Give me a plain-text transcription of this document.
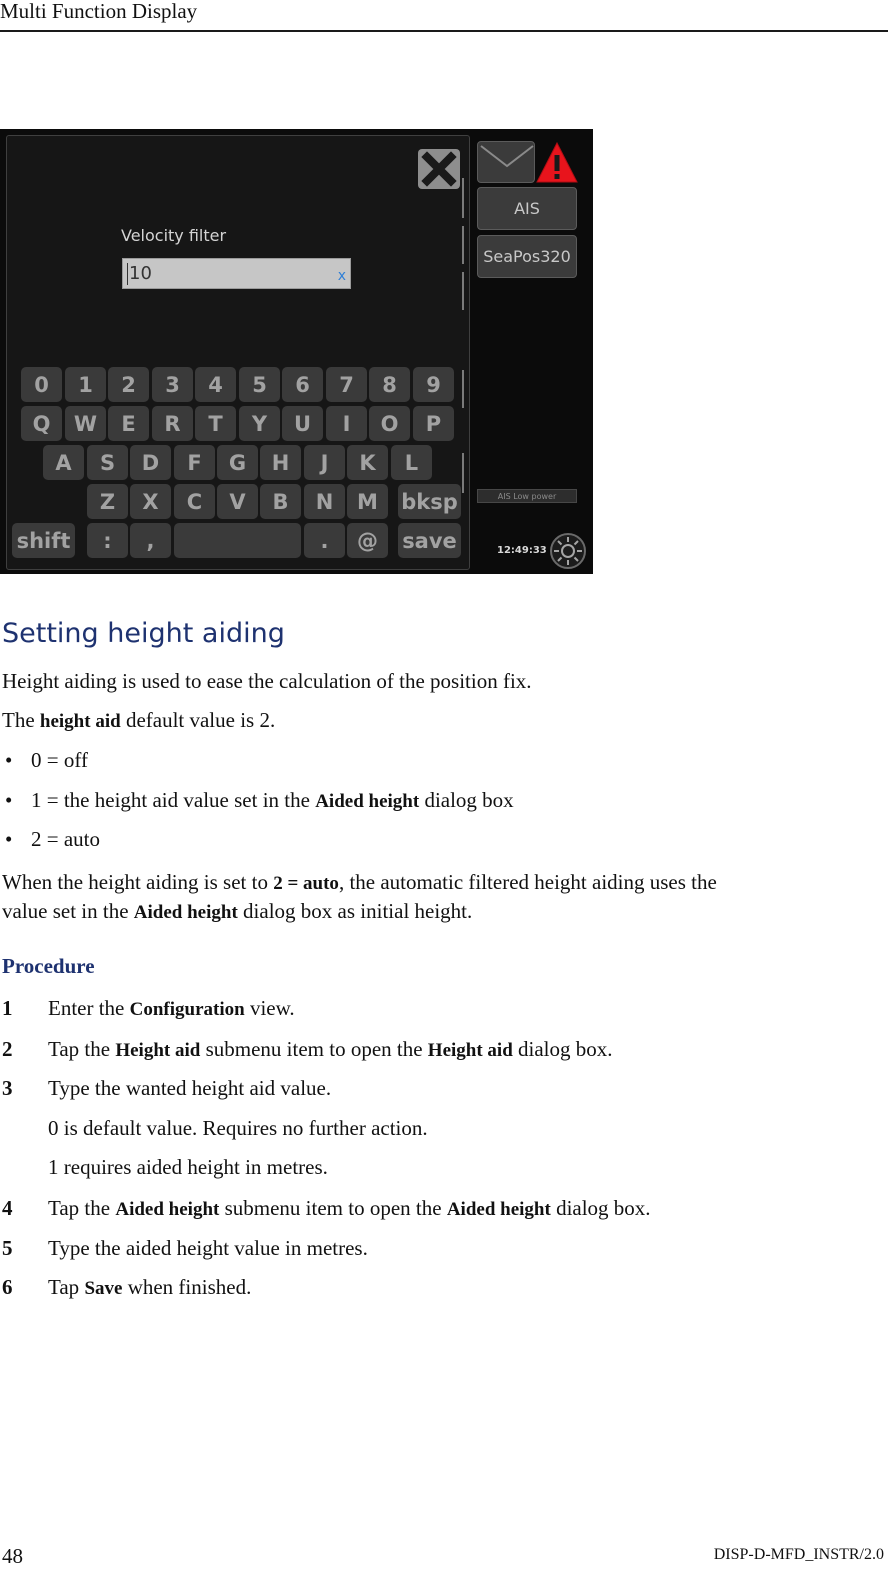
Multi Function Display
Velocity filter
10	x
0	1	2	3	4	5	6	7	8	9
Q	W	E	R	T	Y	U	I	O	P
A	S	D	F	G	H	J	K	L
Z	X	C	V	B	N	M	bksp
shift	:	,	.	@	save
AIS
SeaPos320
AIS Low power
12:49:33
Setting height aiding
Height aiding is used to ease the calculation of the position fix.
The height aid default value is 2.
• 0 = off
• 1 = the height aid value set in the Aided height dialog box
• 2 = auto
When the height aiding is set to 2 = auto, the automatic filtered height aiding uses the
value set in the Aided height dialog box as initial height.
Procedure
1 Enter the Configuration view.
2 Tap the Height aid submenu item to open the Height aid dialog box.
3 Type the wanted height aid value.
0 is default value. Requires no further action.
1 requires aided height in metres.
4 Tap the Aided height submenu item to open the Aided height dialog box.
5 Type the aided height value in metres.
6 Tap Save when finished.
48	DISP-D-MFD_INSTR/2.0
